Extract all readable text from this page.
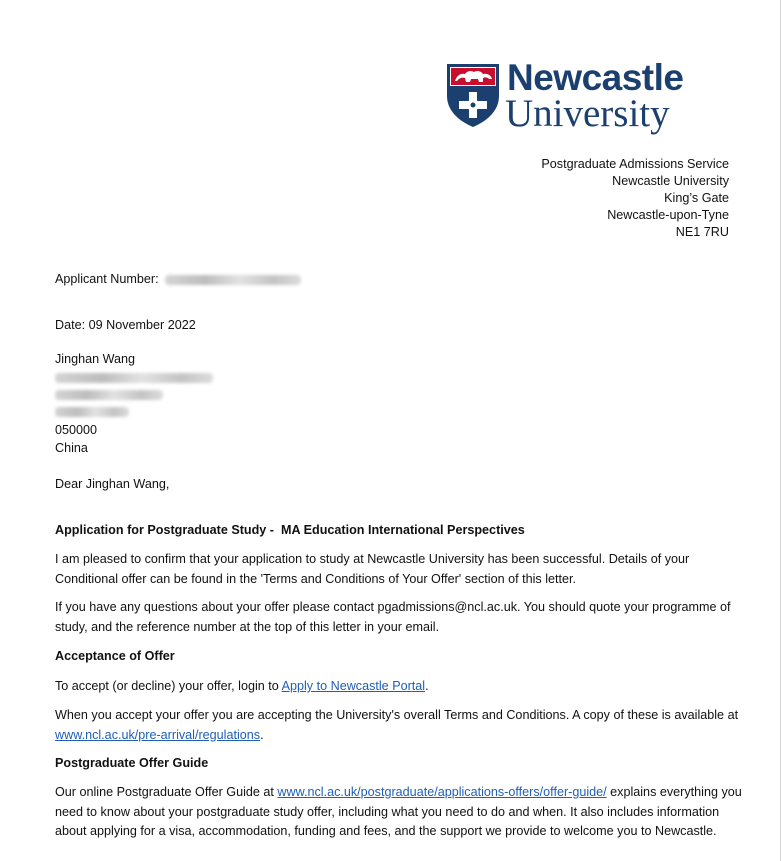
Newcastle
University
Postgraduate Admissions Service
Newcastle University
King’s Gate
Newcastle-upon-Tyne
NE1 7RU
Applicant Number:
Date: 09 November 2022
Jinghan Wang
050000
China
Dear Jinghan Wang,
Application for Postgraduate Study -  MA Education International Perspectives
I am pleased to confirm that your application to study at Newcastle University has been successful. Details of your Conditional offer can be found in the 'Terms and Conditions of Your Offer' section of this letter.
If you have any questions about your offer please contact pgadmissions@ncl.ac.uk. You should quote your programme of study, and the reference number at the top of this letter in your email.
Acceptance of Offer
To accept (or decline) your offer, login to Apply to Newcastle Portal.
When you accept your offer you are accepting the University's overall Terms and Conditions. A copy of these is available at www.ncl.ac.uk/pre-arrival/regulations.
Postgraduate Offer Guide
Our online Postgraduate Offer Guide at www.ncl.ac.uk/postgraduate/applications-offers/offer-guide/ explains everything you need to know about your postgraduate study offer, including what you need to do and when. It also includes information about applying for a visa, accommodation, funding and fees, and the support we provide to welcome you to Newcastle.
